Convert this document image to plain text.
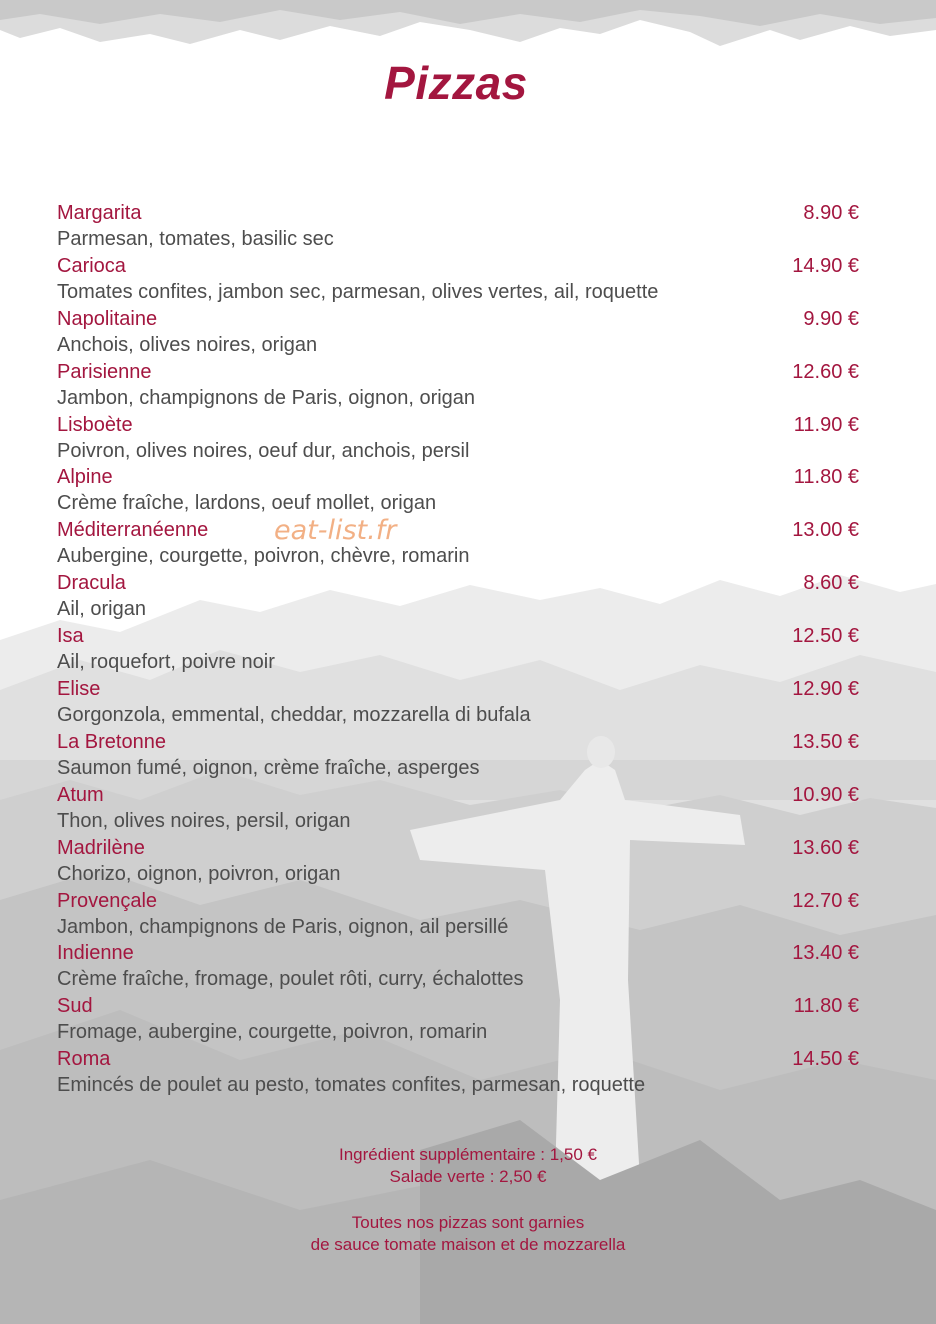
Pizzas
Margarita	8.90 €
Parmesan, tomates, basilic sec
Carioca	14.90 €
Tomates confites, jambon sec, parmesan, olives vertes, ail, roquette
Napolitaine	9.90 €
Anchois, olives noires, origan
Parisienne	12.60 €
Jambon, champignons de Paris, oignon, origan
Lisboète	11.90 €
Poivron, olives noires, oeuf dur, anchois, persil
Alpine	11.80 €
Crème fraîche, lardons, oeuf mollet, origan
Méditerranéenne	13.00 €
Aubergine, courgette, poivron, chèvre, romarin
Dracula	8.60 €
Ail, origan
Isa	12.50 €
Ail, roquefort, poivre noir
Elise	12.90 €
Gorgonzola, emmental, cheddar, mozzarella di bufala
La Bretonne	13.50 €
Saumon fumé, oignon, crème fraîche, asperges
Atum	10.90 €
Thon, olives noires, persil, origan
Madrilène	13.60 €
Chorizo, oignon, poivron, origan
Provençale	12.70 €
Jambon, champignons de Paris, oignon, ail persillé
Indienne	13.40 €
Crème fraîche, fromage, poulet rôti, curry, échalottes
Sud	11.80 €
Fromage, aubergine, courgette, poivron, romarin
Roma	14.50 €
Emincés de poulet au pesto, tomates confites, parmesan, roquette
eat-list.fr
Ingrédient supplémentaire : 1,50 €
Salade verte : 2,50 €
Toutes nos pizzas sont garnies
de sauce tomate maison et de mozzarella
